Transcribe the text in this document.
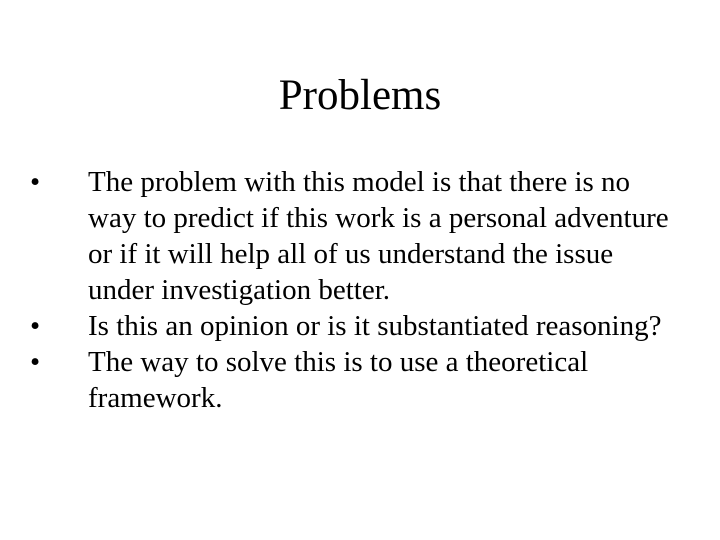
Problems
•	The problem with this model is that there is no way to predict if this work is a personal adventure or if it will help all of us understand the issue under investigation better.
•	Is this an opinion or is it substantiated reasoning?
•	The way to solve this is to use a theoretical framework.
